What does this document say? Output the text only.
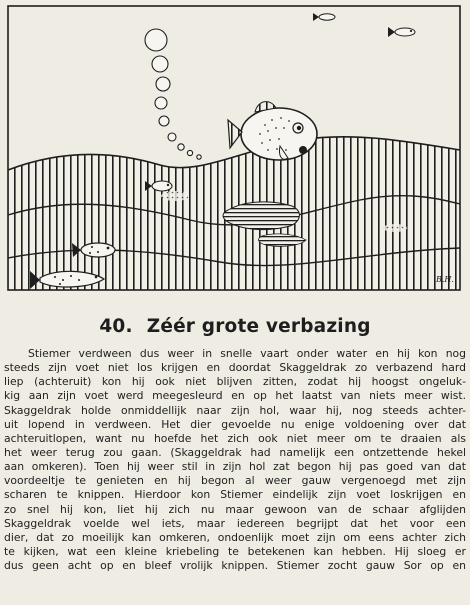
B.H.
40. Zéér grote verbazing
Stiemer verdween dus weer in snelle vaart onder water en hij kon nog
steeds zijn voet niet los krijgen en doordat Skaggeldrak zo verbazend hard
liep (achteruit) kon hij ook niet blijven zitten, zodat hij hoogst ongeluk-
kig aan zijn voet werd meegesleurd en op het laatst van niets meer wist.
Skaggeldrak holde onmiddellijk naar zijn hol, waar hij, nog steeds achter-
uit lopend in verdween. Het dier gevoelde nu enige voldoening over dat
achteruitlopen, want nu hoefde het zich ook niet meer om te draaien als
het weer terug zou gaan. (Skaggeldrak had namelijk een ontzettende hekel
aan omkeren). Toen hij weer stil in zijn hol zat begon hij pas goed van dat
voordeeltje te genieten en hij begon al weer gauw vergenoegd met zijn
scharen te knippen. Hierdoor kon Stiemer eindelijk zijn voet loskrijgen en
zo snel hij kon, liet hij zich nu maar gewoon van de schaar afglijden
Skaggeldrak voelde wel iets, maar iedereen begrijpt dat het voor een
dier, dat zo moeilijk kan omkeren, ondoenlijk moet zijn om eens achter zich
te kijken, wat een kleine kriebeling te betekenen kan hebben. Hij sloeg er
dus geen acht op en bleef vrolijk knippen. Stiemer zocht gauw Sor op en
